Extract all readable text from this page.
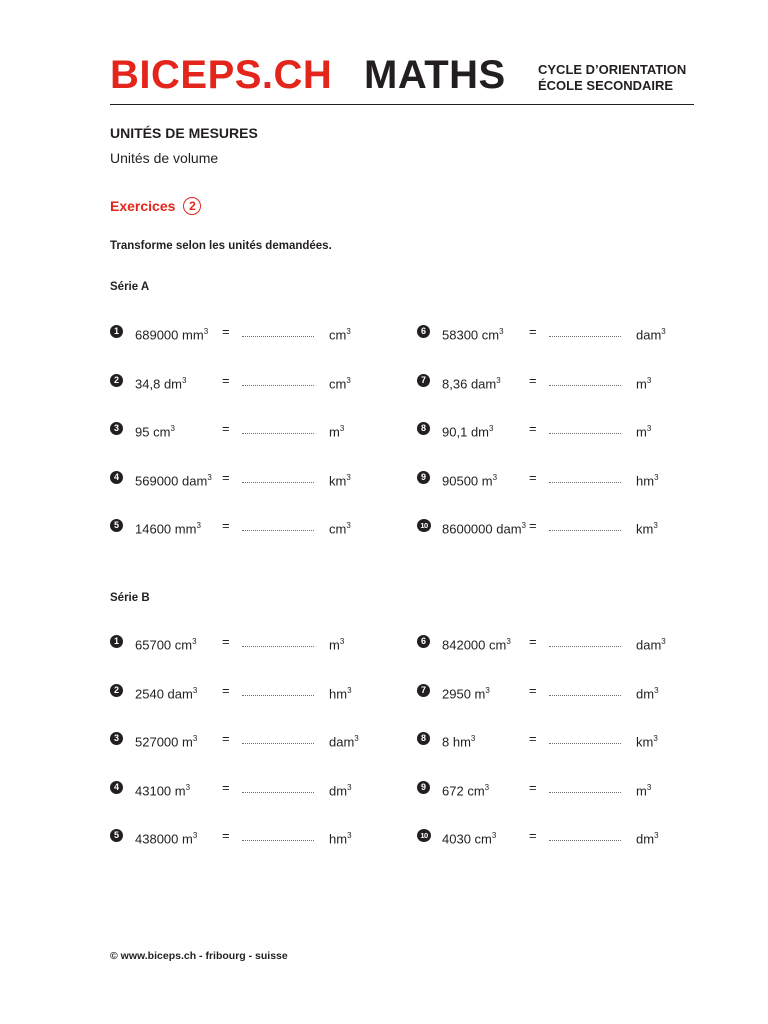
BICEPS.CH MATHS CYCLE D’ORIENTATION
ÉCOLE SECONDAIRE
UNITÉS DE MESURES
Unités de volume
Exercices	2
Transforme selon les unités demandées.
Série A
1	689000 $mm^3$ =	$cm^3$
2	34,8 $dm^3$	=	$cm^3$
3	95 $cm^3$	=	$m^3$
4	569000 dam$^3$ =	$km^3$
5	14600 $mm^3$ =	$cm^3$
6	58300 $cm^3$ =	dam$^3$
7	8,36 dam$^3$ =	$m^3$
8	90,1 $dm^3$	=	$m^3$
9	90500 $m^3$ =	$hm^3$
10 8600000 dam$^3$ =	$km^3$
Série B
1	65700 $cm^3$ =	$m^3$
2	2540 dam$^3$ =	$hm^3$
3	527000 $m^3$ =	dam$^3$
4	43100 $m^3$ =	$dm^3$
5	438000 $m^3$ =	$hm^3$
6	842000 $cm^3$ =	dam$^3$
7	2950 $m^3$	=	$dm^3$
8	8 $hm^3$	=	$km^3$
9	672 $cm^3$	=	$m^3$
10 4030 $cm^3$	=	$dm^3$
© www.biceps.ch - fribourg - suisse
